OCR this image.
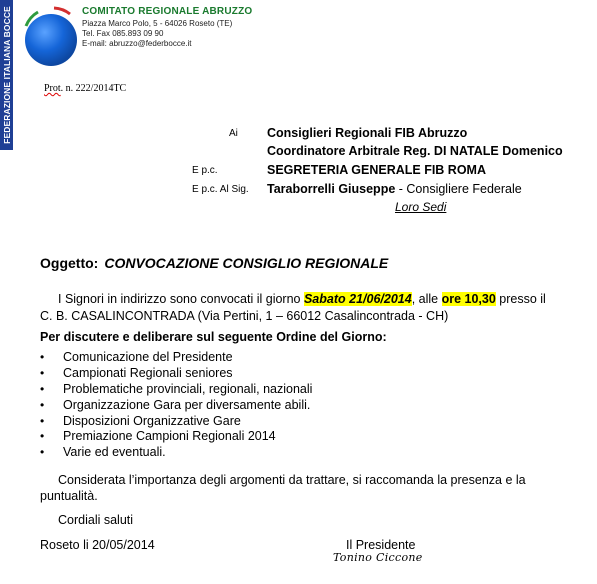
FEDERAZIONE ITALIANA BOCCE	COMITATO REGIONALE ABRUZZO
Piazza Marco Polo, 5 - 64026 Roseto (TE)
Tel. Fax 085.893 09 90
E-mail: abruzzo@federbocce.it
Prot. n. 222/2014TC
Ai Consiglieri Regionali FIB Abruzzo
Coordinatore Arbitrale Reg. DI NATALE Domenico
E p.c.	SEGRETERIA GENERALE FIB ROMA
E p.c. Al Sig. Taraborrelli Giuseppe - Consigliere Federale
Loro Sedi
Oggetto: CONVOCAZIONE CONSIGLIO REGIONALE
I Signori in indirizzo sono convocati il giorno Sabato 21/06/2014, alle ore 10,30 presso il
C. B. CASALINCONTRADA (Via Pertini, 1 – 66012 Casalincontrada - CH)
Per discutere e deliberare sul seguente Ordine del Giorno:
• Comunicazione del Presidente
• Campionati Regionali seniores
• Problematiche provinciali, regionali, nazionali
• Organizzazione Gara per diversamente abili.
• Disposizioni Organizzative Gare
• Premiazione Campioni Regionali 2014
• Varie ed eventuali.
Considerata l’importanza degli argomenti da trattare, si raccomanda la presenza e la
puntualità.
Cordiali saluti
Roseto li 20/05/2014	Il Presidente
Tonino Ciccone
